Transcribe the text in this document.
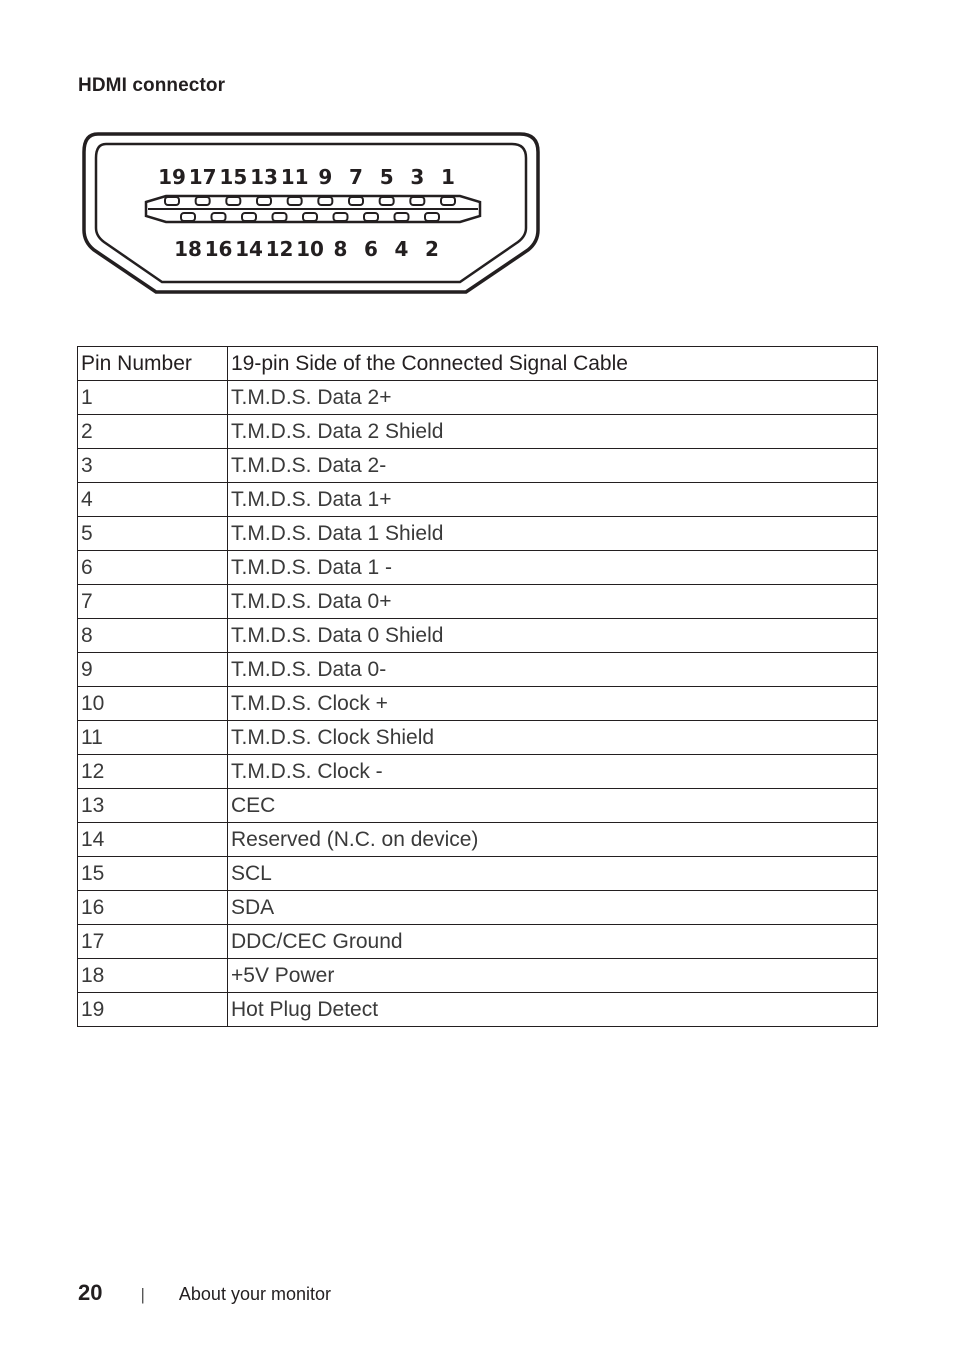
HDMI connector
19 17 15 13 11 9 7 5 3 1
18 16 14 12 10 8 6 4 2
Pin Number	19-pin Side of the Connected Signal Cable
1	T.M.D.S. Data 2+
2	T.M.D.S. Data 2 Shield
3	T.M.D.S. Data 2-
4	T.M.D.S. Data 1+
5	T.M.D.S. Data 1 Shield
6	T.M.D.S. Data 1 -
7	T.M.D.S. Data 0+
8	T.M.D.S. Data 0 Shield
9	T.M.D.S. Data 0-
10	T.M.D.S. Clock +
11	T.M.D.S. Clock Shield
12	T.M.D.S. Clock -
13	CEC
14	Reserved (N.C. on device)
15	SCL
16	SDA
17	DDC/CEC Ground
18	+5V Power
19	Hot Plug Detect
20 | About your monitor
